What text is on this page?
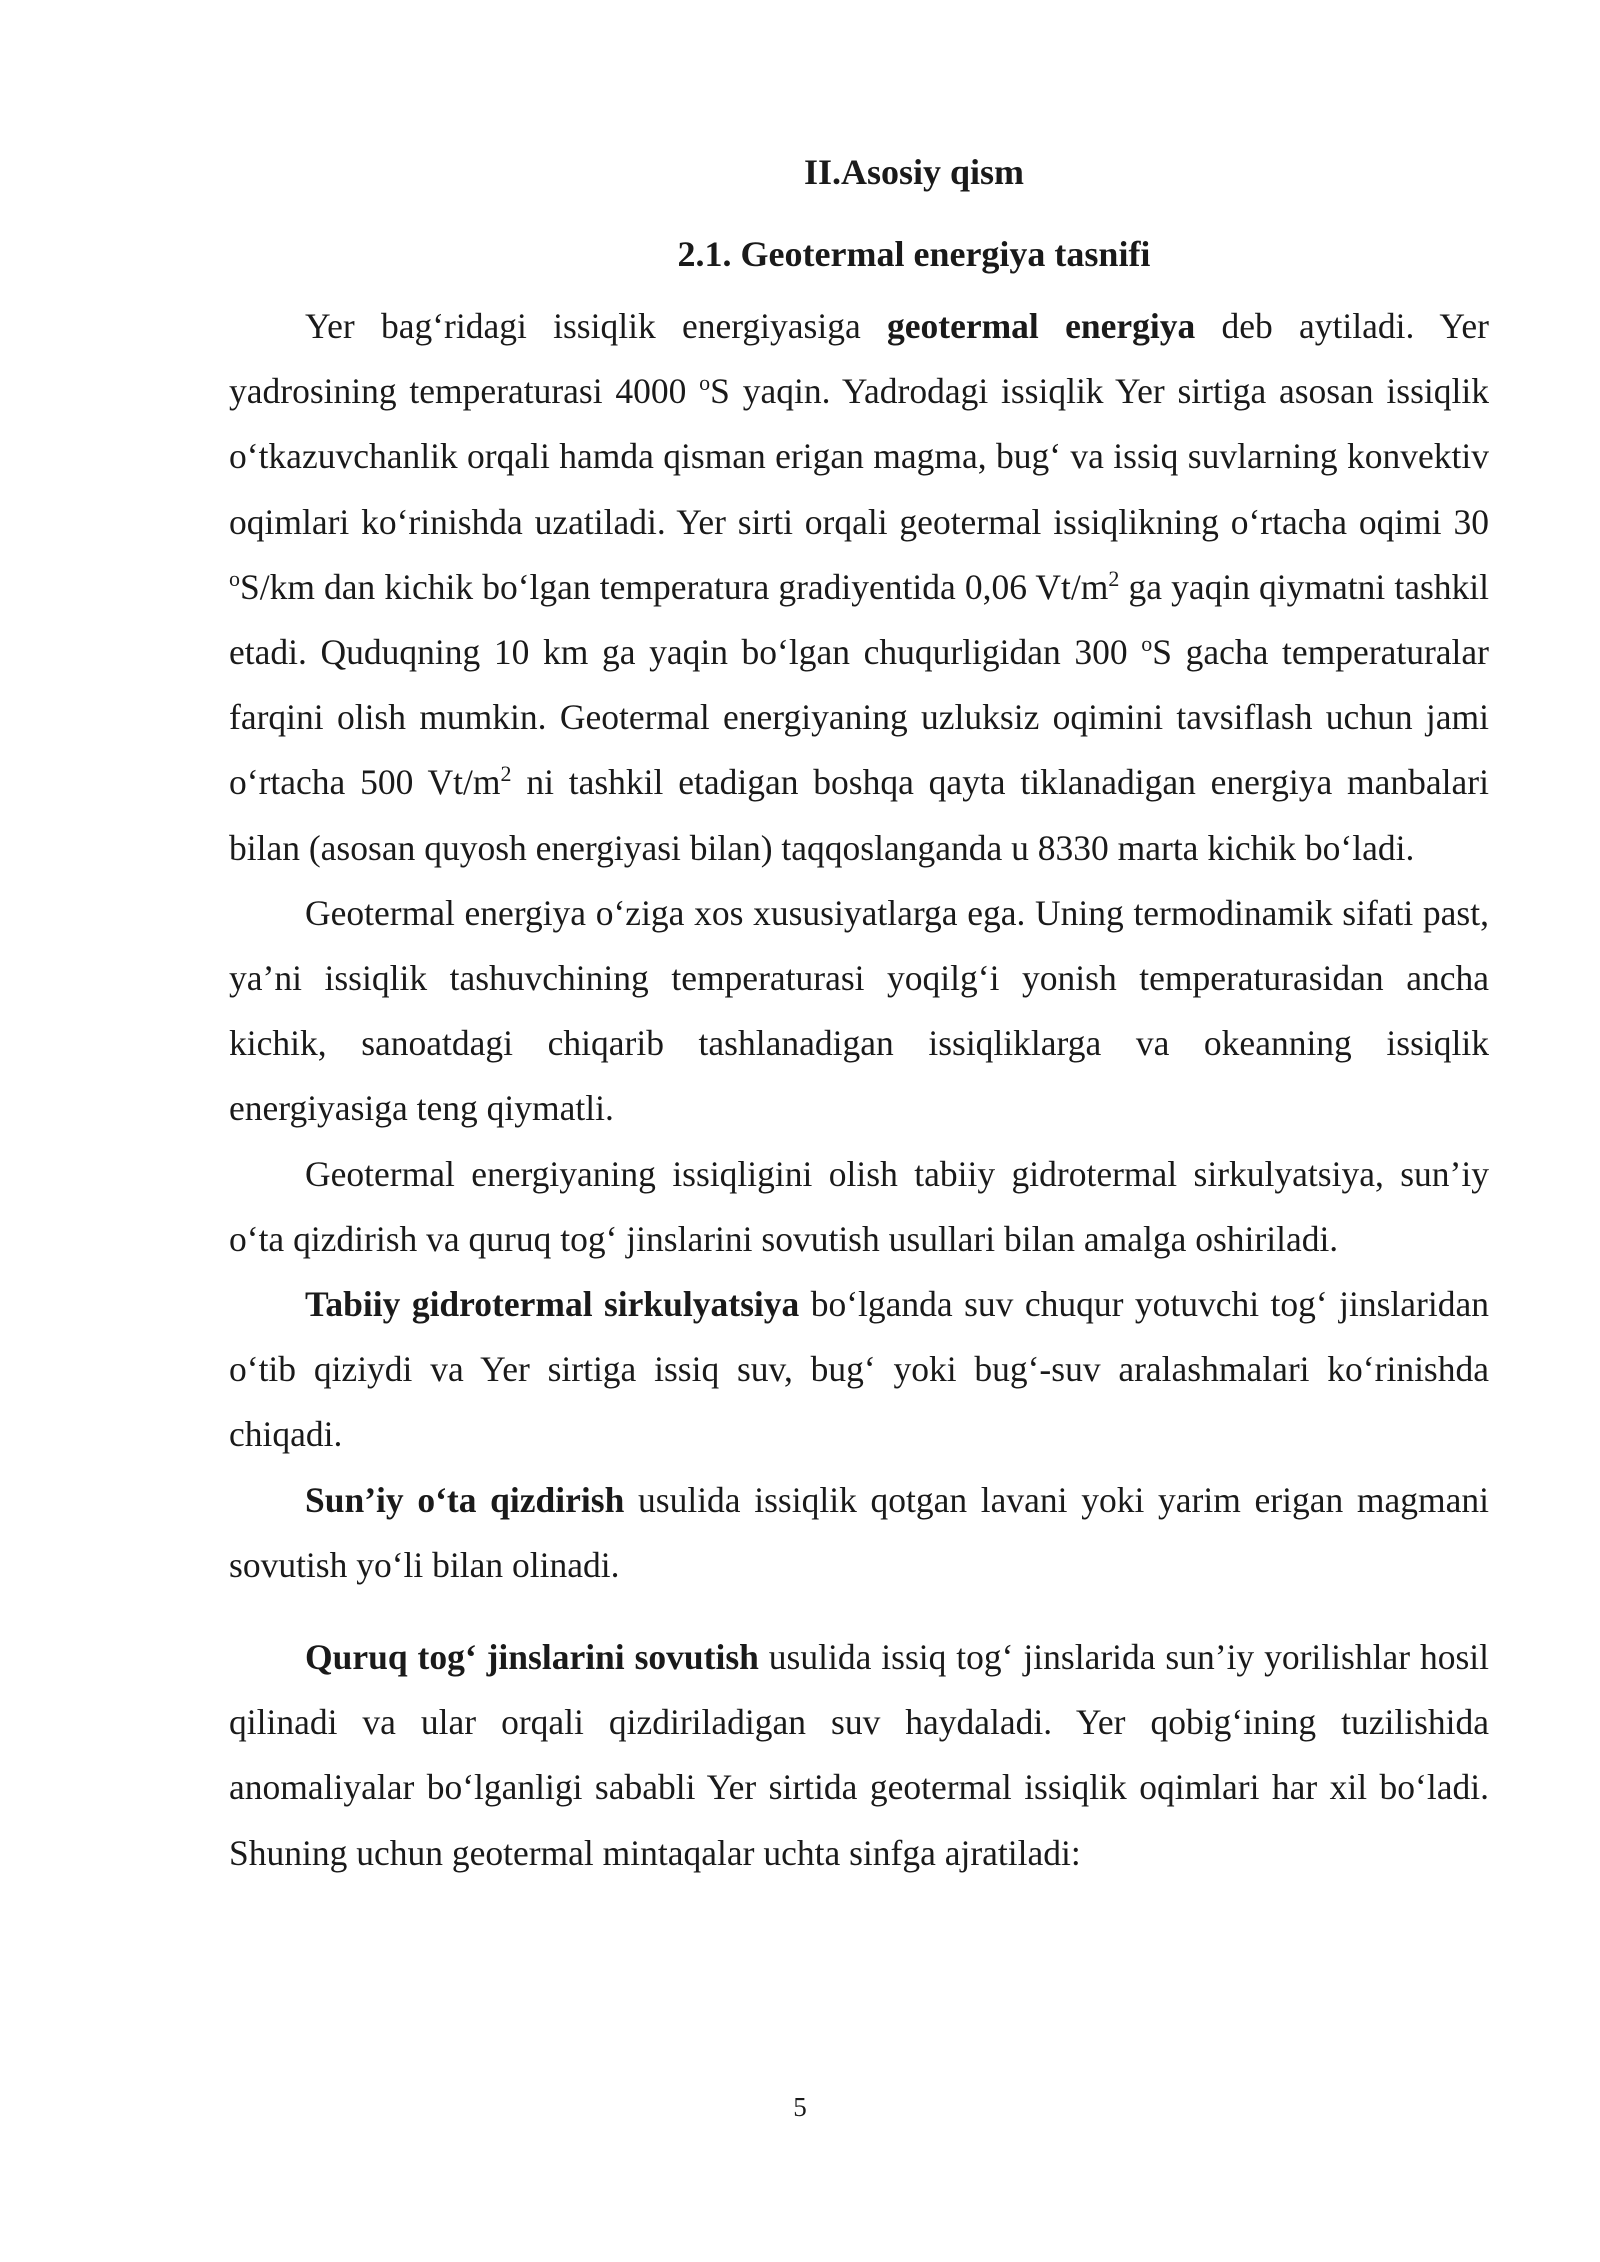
II.Asosiy qism
2.1. Geotermal energiya tasnifi

Yer bag‘ridagi issiqlik energiyasiga geotermal energiya deb aytiladi. Yer yadrosining temperaturasi 4000 $^o$S yaqin. Yadrodagi issiqlik Yer sirtiga asosan issiqlik o‘tkazuvchanlik orqali hamda qisman erigan magma, bug‘ va issiq suvlarning konvektiv oqimlari ko‘rinishda uzatiladi. Yer sirti orqali geotermal issiqlikning o‘rtacha oqimi 30 $^o$S/km dan kichik bo‘lgan temperatura gradiyentida 0,06 $Vt/m^2$ ga yaqin qiymatni tashkil etadi. Quduqning 10 km ga yaqin bo‘lgan chuqurligidan 300 $^o$S gacha temperaturalar farqini olish mumkin. Geotermal energiyaning uzluksiz oqimini tavsiflash uchun jami o‘rtacha 500 $Vt/m^2$ ni tashkil etadigan boshqa qayta tiklanadigan energiya manbalari bilan (asosan quyosh energiyasi bilan) taqqoslanganda u 8330 marta kichik bo‘ladi.

Geotermal energiya o‘ziga xos xususiyatlarga ega. Uning termodinamik sifati past, ya’ni issiqlik tashuvchining temperaturasi yoqilg‘i yonish temperaturasidan ancha kichik, sanoatdagi chiqarib tashlanadigan issiqliklarga va okeanning issiqlik energiyasiga teng qiymatli.

Geotermal energiyaning issiqligini olish tabiiy gidrotermal sirkulyatsiya, sun’iy o‘ta qizdirish va quruq tog‘ jinslarini sovutish usullari bilan amalga oshiriladi.

Tabiiy gidrotermal sirkulyatsiya bo‘lganda suv chuqur yotuvchi tog‘ jinslaridan o‘tib qiziydi va Yer sirtiga issiq suv, bug‘ yoki bug‘-suv aralashmalari ko‘rinishda chiqadi.

Sun’iy o‘ta qizdirish usulida issiqlik qotgan lavani yoki yarim erigan magmani sovutish yo‘li bilan olinadi.

Quruq tog‘ jinslarini sovutish usulida issiq tog‘ jinslarida sun’iy yorilishlar hosil qilinadi va ular orqali qizdiriladigan suv haydaladi. Yer qobig‘ining tuzilishida anomaliyalar bo‘lganligi sababli Yer sirtida geotermal issiqlik oqimlari har xil bo‘ladi. Shuning uchun geotermal mintaqalar uchta sinfga ajratiladi:

5
